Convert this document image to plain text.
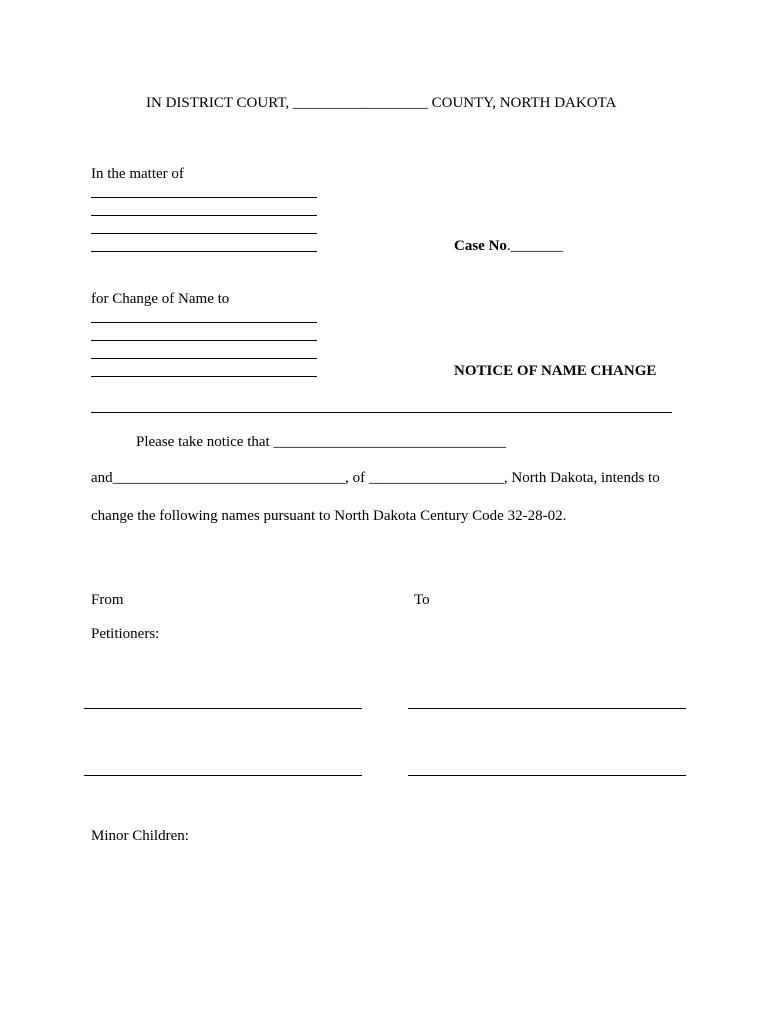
IN DISTRICT COURT, __________________ COUNTY, NORTH DAKOTA
In the matter of
Case No._______
for Change of Name to
NOTICE OF NAME CHANGE
Please take notice that _______________________________
and_______________________________, of __________________, North Dakota, intends to
change the following names pursuant to North Dakota Century Code 32-28-02.
From	To
Petitioners:
Minor Children:
